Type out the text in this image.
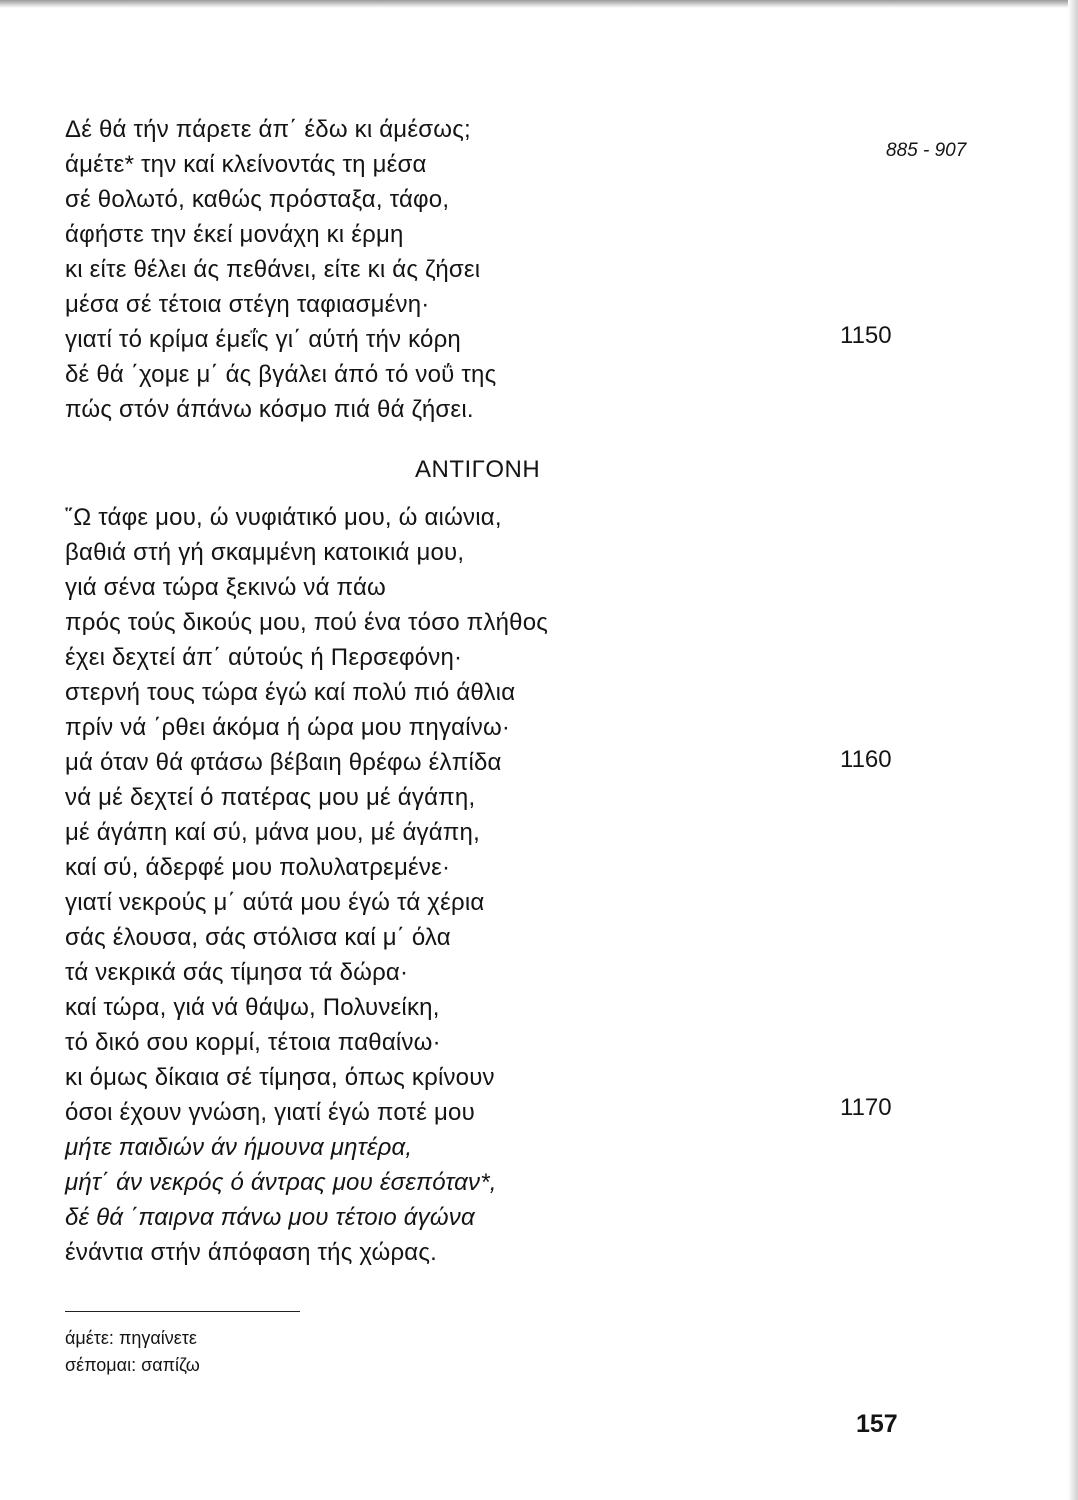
885 - 907
Δέ θά τήν πάρετε άπ΄ έδω κι άμέσως;
άμέτε* την καί κλείνοντάς τη μέσα
σέ θολωτό, καθώς πρόσταξα, τάφο,
άφήστε την έκεί μονάχη κι έρμη
κι είτε θέλει άς πεθάνει, είτε κι άς ζήσει
μέσα σέ τέτοια στέγη ταφιασμένη·
γιατί τό κρίμα έμεΐς γι΄ αύτή τήν κόρη
δέ θά ΄χομε μ΄ άς βγάλει άπό τό νοΰ της
πώς στόν άπάνω κόσμο πιά θά ζήσει.
1150
ΑΝΤΙΓΟΝΗ
῞Ω τάφε μου, ώ νυφιάτικό μου, ώ αιώνια,
βαθιά στή γή σκαμμένη κατοικιά μου,
γιά σένα τώρα ξεκινώ νά πάω
πρός τούς δικούς μου, πού ένα τόσο πλήθος
έχει δεχτεί άπ΄ αύτούς ή Περσεφόνη·
στερνή τους τώρα έγώ καί πολύ πιό άθλια
πρίν νά ΄ρθει άκόμα ή ώρα μου πηγαίνω·
μά όταν θά φτάσω βέβαιη θρέφω έλπίδα
νά μέ δεχτεί ό πατέρας μου μέ άγάπη,
μέ άγάπη καί σύ, μάνα μου, μέ άγάπη,
καί σύ, άδερφέ μου πολυλατρεμένε·
γιατί νεκρούς μ΄ αύτά μου έγώ τά χέρια
σάς έλουσα, σάς στόλισα καί μ΄ όλα
τά νεκρικά σάς τίμησα τά δώρα·
καί τώρα, γιά νά θάψω, Πολυνείκη,
τό δικό σου κορμί, τέτοια παθαίνω·
κι όμως δίκαια σέ τίμησα, όπως κρίνουν
όσοι έχουν γνώση, γιατί έγώ ποτέ μου
μήτε παιδιών άν ήμουνα μητέρα,
μήτ΄ άν νεκρός ό άντρας μου έσεπόταν*,
δέ θά ΄παιρνα πάνω μου τέτοιο άγώνα
ένάντια στήν άπόφαση τής χώρας.
1160
1170
άμέτε: πηγαίνετε
σέπομαι: σαπίζω
157
